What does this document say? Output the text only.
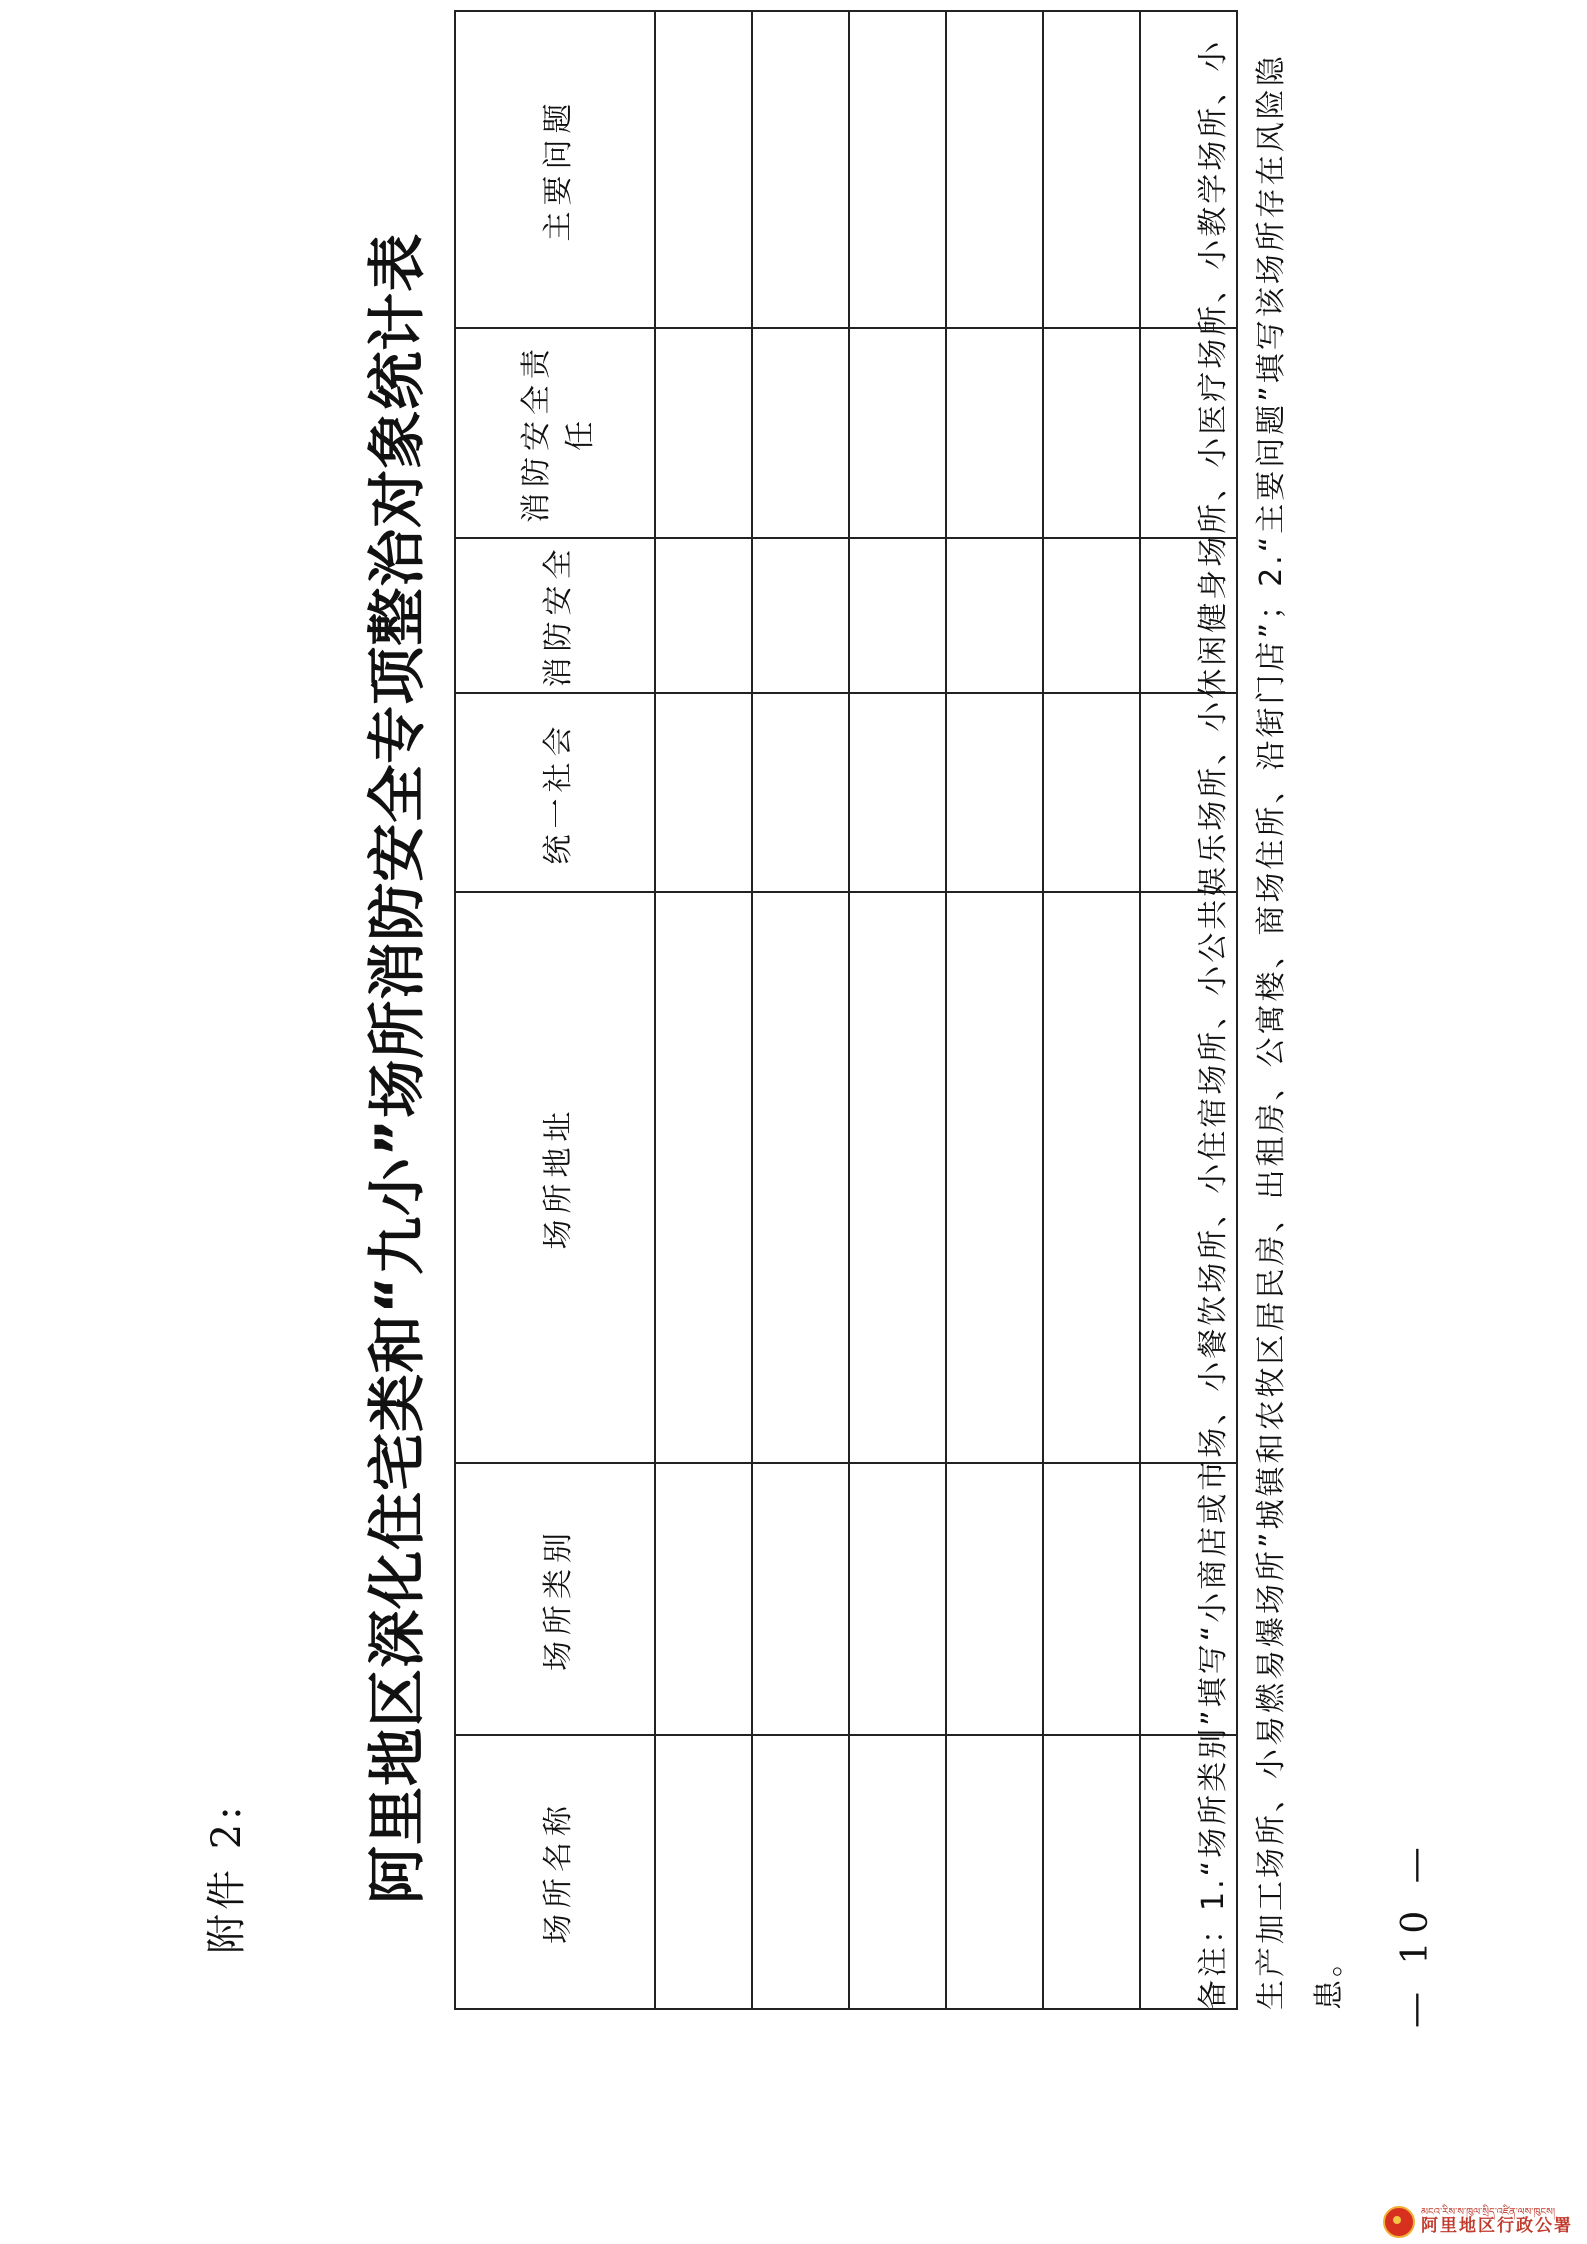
附件 2: 阿里地区深化住宅类和“九小”场所消防安全专项整治对象统计表	场所名称	场所类别	场所地址	统一社会	消防安全	消防安全责任	主要问题

							备注：1.“场所类别”填写“小商店或市场、小餐饮场所、小住宿场所、小公共娱乐场所、小休闲健身场所、小医疗场所、小教学场所、小生产加工场所、小易燃易爆场所”城镇和农牧区居民房、出租房、公寓楼、商场住所、沿街门店”；2.“主要问题”填写该场所存在风险隐患。	— 10 —
མངའ་རིས་ས་ཁུལ་སྲིད་འཛིན་ལས་ཁུངས།
阿里地区行政公署
